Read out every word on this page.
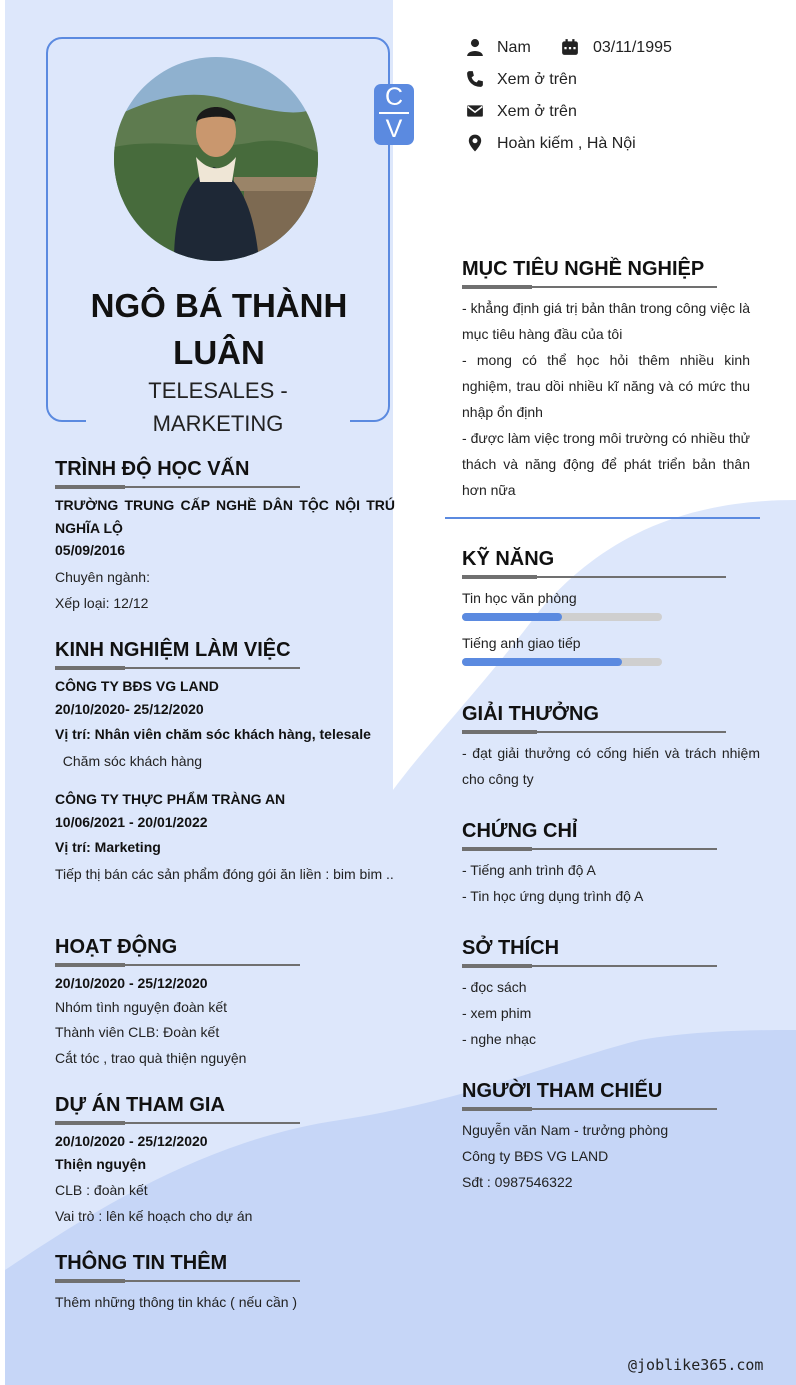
C
V
NGÔ BÁ THÀNH LUÂN
TELESALES - MARKETING
Nam	03/11/1995
Xem ở trên
Xem ở trên
Hoàn kiếm , Hà Nội
TRÌNH ĐỘ HỌC VẤN
TRƯỜNG TRUNG CẤP NGHỀ DÂN TỘC NỘI TRÚ NGHĨA LỘ
05/09/2016
Chuyên ngành:
Xếp loại: 12/12
KINH NGHIỆM LÀM VIỆC
CÔNG TY BĐS VG LAND
20/10/2020- 25/12/2020
Vị trí: Nhân viên chăm sóc khách hàng, telesale
Chăm sóc khách hàng
CÔNG TY THỰC PHẨM TRÀNG AN
10/06/2021 - 20/01/2022
Vị trí: Marketing
Tiếp thị bán các sản phẩm đóng gói ăn liền : bim bim ..
HOẠT ĐỘNG
20/10/2020 - 25/12/2020
Nhóm tình nguyện đoàn kết
Thành viên CLB: Đoàn kết
Cắt tóc , trao quà thiện nguyện
DỰ ÁN THAM GIA
20/10/2020 - 25/12/2020
Thiện nguyện
CLB : đoàn kết
Vai trò : lên kế hoạch cho dự án
THÔNG TIN THÊM
Thêm những thông tin khác ( nếu cần )
MỤC TIÊU NGHỀ NGHIỆP
- khẳng định giá trị bản thân trong công việc là mục tiêu hàng đầu của tôi
- mong có thể học hỏi thêm nhiều kinh nghiệm, trau dồi nhiều kĩ năng và có mức thu nhập ổn định
- được làm việc trong môi trường có nhiều thử thách và năng động để phát triển bản thân hơn nữa
KỸ NĂNG
Tin học văn phòng
Tiếng anh giao tiếp
GIẢI THƯỞNG
- đạt giải thưởng có cống hiến và trách nhiệm cho công ty
CHỨNG CHỈ
- Tiếng anh trình độ A
- Tin học ứng dụng trình độ A
SỞ THÍCH
- đọc sách
- xem phim
- nghe nhạc
NGƯỜI THAM CHIẾU
Nguyễn văn Nam - trưởng phòng
Công ty BĐS VG LAND
Sđt : 0987546322
@joblike365.com
